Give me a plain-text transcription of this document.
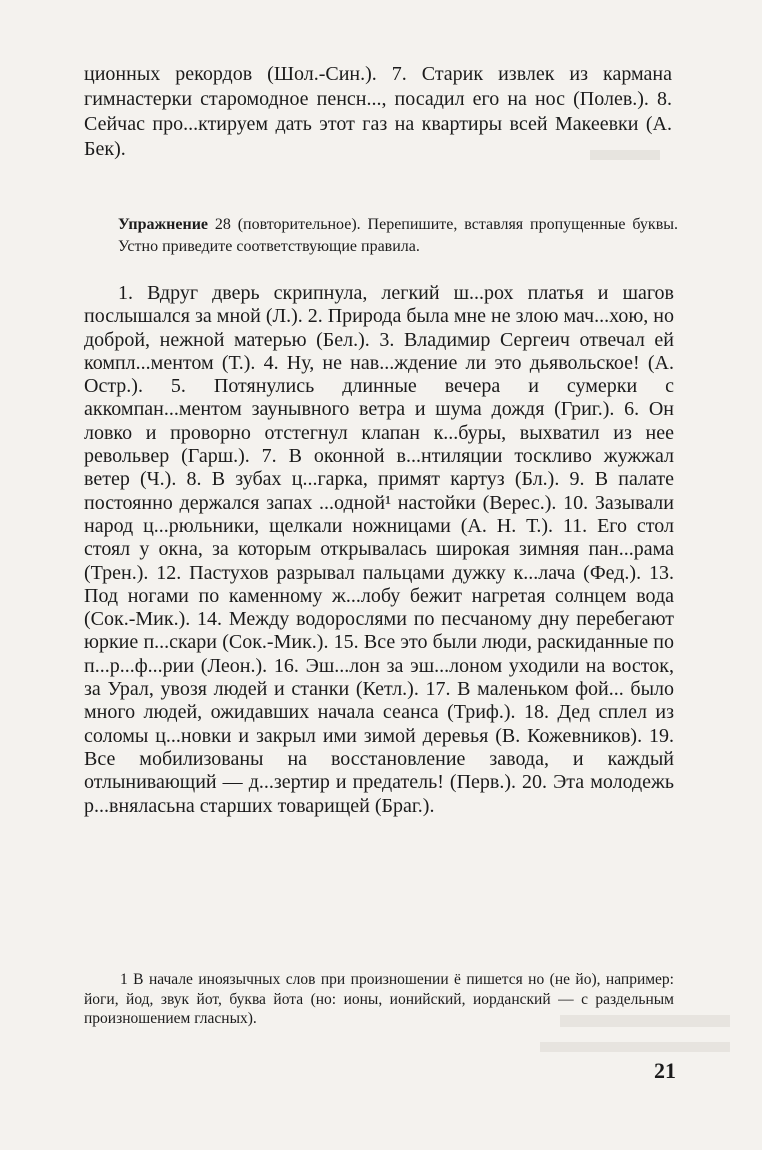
ционных рекордов (Шол.-Син.). 7. Старик извлек из кармана гимнастерки старомодное пенсн..., посадил его на нос (Полев.). 8. Сейчас про...ктируем дать этот газ на квартиры всей Макеевки (А. Бек).

Упражнение 28 (повторительное). Перепишите, вставляя пропущенные буквы. Устно приведите соответствующие правила.

1. Вдруг дверь скрипнула, легкий ш...рох платья и шагов послышался за мной (Л.). 2. Природа была мне не злою мач...хою, но доброй, нежной матерью (Бел.). 3. Владимир Сергеич отвечал ей компл...ментом (Т.). 4. Ну, не нав...ждение ли это дьявольское! (А. Остр.). 5. Потянулись длинные вечера и сумерки с аккомпан...ментом заунывного ветра и шума дождя (Григ.). 6. Он ловко и проворно отстегнул клапан к...буры, выхватил из нее револьвер (Гарш.). 7. В оконной в...нтиляции тоскливо жужжал ветер (Ч.). 8. В зубах ц...гарка, примят картуз (Бл.). 9. В палате постоянно держался запах ...одной¹ настойки (Верес.). 10. Зазывали народ ц...рюльники, щелкали ножницами (А. Н. Т.). 11. Его стол стоял у окна, за которым открывалась широкая зимняя пан...рама (Трен.). 12. Пастухов разрывал пальцами дужку к...лача (Фед.). 13. Под ногами по каменному ж...лобу бежит нагретая солнцем вода (Сок.-Мик.). 14. Между водорослями по песчаному дну перебегают юркие п...скари (Сок.-Мик.). 15. Все это были люди, раскиданные по п...р...ф...рии (Леон.). 16. Эш...лон за эш...лоном уходили на восток, за Урал, увозя людей и станки (Кетл.). 17. В маленьком фой... было много людей, ожидавших начала сеанса (Триф.). 18. Дед сплел из соломы ц...новки и закрыл ими зимой деревья (В. Кожевников). 19. Все мобилизованы на восстановление завода, и каждый отлынивающий — д...зертир и предатель! (Перв.). 20. Эта молодежь р...вняласьна старших товарищей (Браг.).

1 В начале иноязычных слов при произношении ё пишется но (не йо), например: йоги, йод, звук йот, буква йота (но: ионы, ионийский, иорданский — с раздельным произношением гласных).

21
